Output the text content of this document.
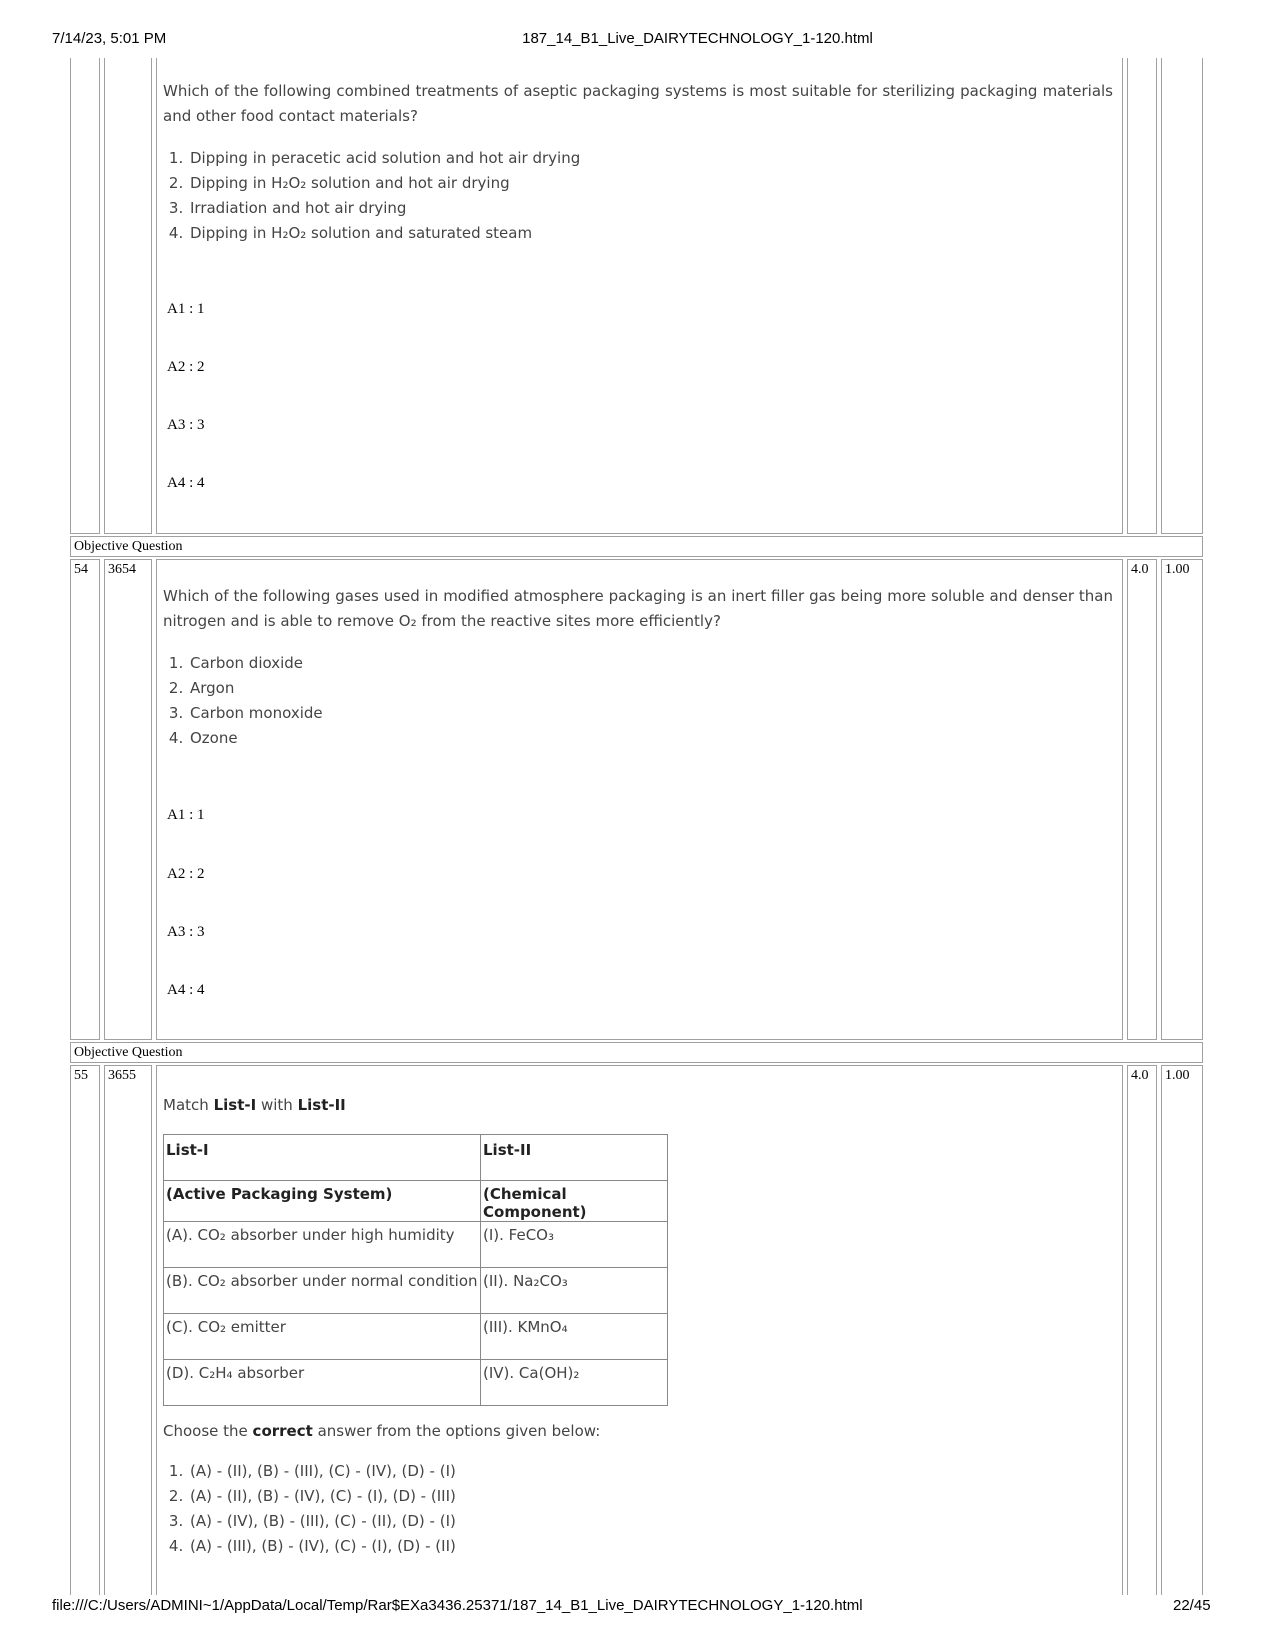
7/14/23, 5:01 PM	187_14_B1_Live_DAIRYTECHNOLOGY_1-120.html
Which of the following combined treatments of aseptic packaging systems is most suitable for sterilizing packaging materials and other food contact materials?
1. Dipping in peracetic acid solution and hot air drying
2. Dipping in H₂O₂ solution and hot air drying
3. Irradiation and hot air drying
4. Dipping in H₂O₂ solution and saturated steam
A1 : 1
A2 : 2
A3 : 3
A4 : 4
Objective Question
54 3654	4.0 1.00
Which of the following gases used in modified atmosphere packaging is an inert filler gas being more soluble and denser than nitrogen and is able to remove O₂ from the reactive sites more efficiently?
1. Carbon dioxide
2. Argon
3. Carbon monoxide
4. Ozone
A1 : 1
A2 : 2
A3 : 3
A4 : 4
Objective Question
55 3655	4.0 1.00
Match List-I with List-II
List-I	List-II
(Active Packaging System)	(Chemical Component)
(A). CO₂ absorber under high humidity	(I). FeCO₃
(B). CO₂ absorber under normal condition	(II). Na₂CO₃
(C). CO₂ emitter	(III). KMnO₄
(D). C₂H₄ absorber	(IV). Ca(OH)₂
Choose the correct answer from the options given below:
1. (A) - (II), (B) - (III), (C) - (IV), (D) - (I)
2. (A) - (II), (B) - (IV), (C) - (I), (D) - (III)
3. (A) - (IV), (B) - (III), (C) - (II), (D) - (I)
4. (A) - (III), (B) - (IV), (C) - (I), (D) - (II)
file:///C:/Users/ADMINI~1/AppData/Local/Temp/Rar$EXa3436.25371/187_14_B1_Live_DAIRYTECHNOLOGY_1-120.html	22/45
